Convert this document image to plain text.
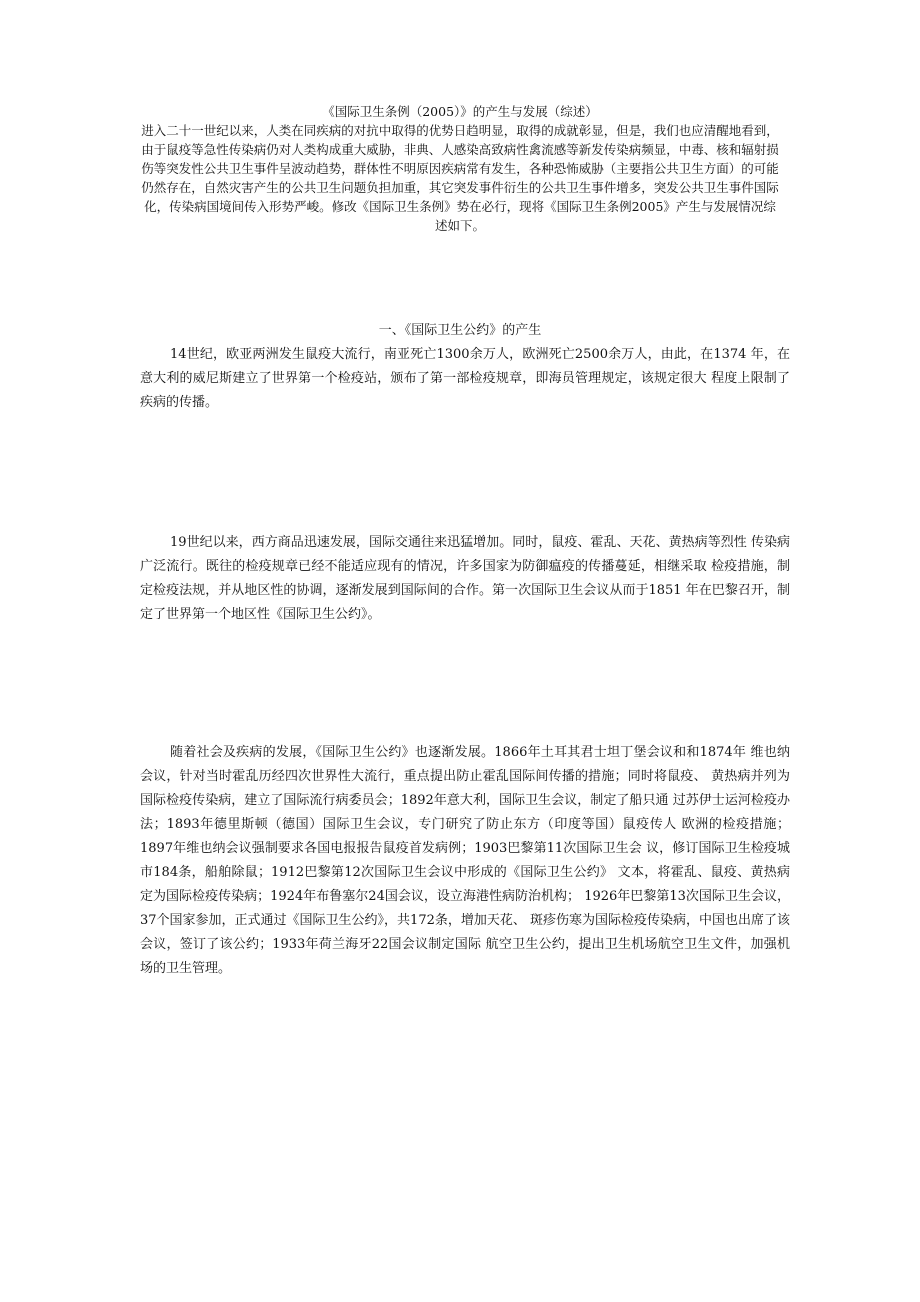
《国际卫生条例（2005）》的产生与发展（综述）
进入二十一世纪以来，人类在同疾病的对抗中取得的优势日趋明显，取得的成就彰显，但是，我们也应清醒地看到，由于鼠疫等急性传染病仍对人类构成重大威胁，非典、人感染高致病性禽流感等新发传染病频显，中毒、核和辐射损伤等突发性公共卫生事件呈波动趋势，群体性不明原因疾病常有发生，各种恐怖威胁（主要指公共卫生方面）的可能仍然存在，自然灾害产生的公共卫生问题负担加重，其它突发事件衍生的公共卫生事件增多，突发公共卫生事件国际化，传染病国境间传入形势严峻。修改《国际卫生条例》势在必行，现将《国际卫生条例2005》产生与发展情况综述如下。
一、《国际卫生公约》的产生

14世纪，欧亚两洲发生鼠疫大流行，南亚死亡1300余万人，欧洲死亡2500余万人，由此，在1374 年，在意大利的威尼斯建立了世界第一个检疫站，颁布了第一部检疫规章，即海员管理规定，该规定很大 程度上限制了疾病的传播。

19世纪以来，西方商品迅速发展，国际交通往来迅猛增加。同时，鼠疫、霍乱、天花、黄热病等烈性 传染病广泛流行。既往的检疫规章已经不能适应现有的情况，许多国家为防御瘟疫的传播蔓延，相继采取 检疫措施，制定检疫法规，并从地区性的协调，逐渐发展到国际间的合作。第一次国际卫生会议从而于1851 年在巴黎召开，制定了世界第一个地区性《国际卫生公约》。

随着社会及疾病的发展，《国际卫生公约》也逐渐发展。1866年土耳其君士坦丁堡会议和和1874年 维也纳会议，针对当时霍乱历经四次世界性大流行，重点提出防止霍乱国际间传播的措施；同时将鼠疫、 黄热病并列为国际检疫传染病，建立了国际流行病委员会；1892年意大利，国际卫生会议，制定了船只通 过苏伊士运河检疫办法；1893年德里斯顿（德国）国际卫生会议，专门研究了防止东方（印度等国）鼠疫传人 欧洲的检疫措施；1897年维也纳会议强制要求各国电报报告鼠疫首发病例；1903巴黎第11次国际卫生会 议，修订国际卫生检疫城市184条，船舶除鼠；1912巴黎第12次国际卫生会议中形成的《国际卫生公约》 文本，将霍乱、鼠疫、黄热病定为国际检疫传染病；1924年布鲁塞尔24国会议，设立海港性病防治机构； 1926年巴黎第13次国际卫生会议，37个国家参加，正式通过《国际卫生公约》，共172条，增加天花、 斑疹伤寒为国际检疫传染病，中国也出席了该会议，签订了该公约；1933年荷兰海牙22国会议制定国际 航空卫生公约，提出卫生机场航空卫生文件，加强机场的卫生管理。
